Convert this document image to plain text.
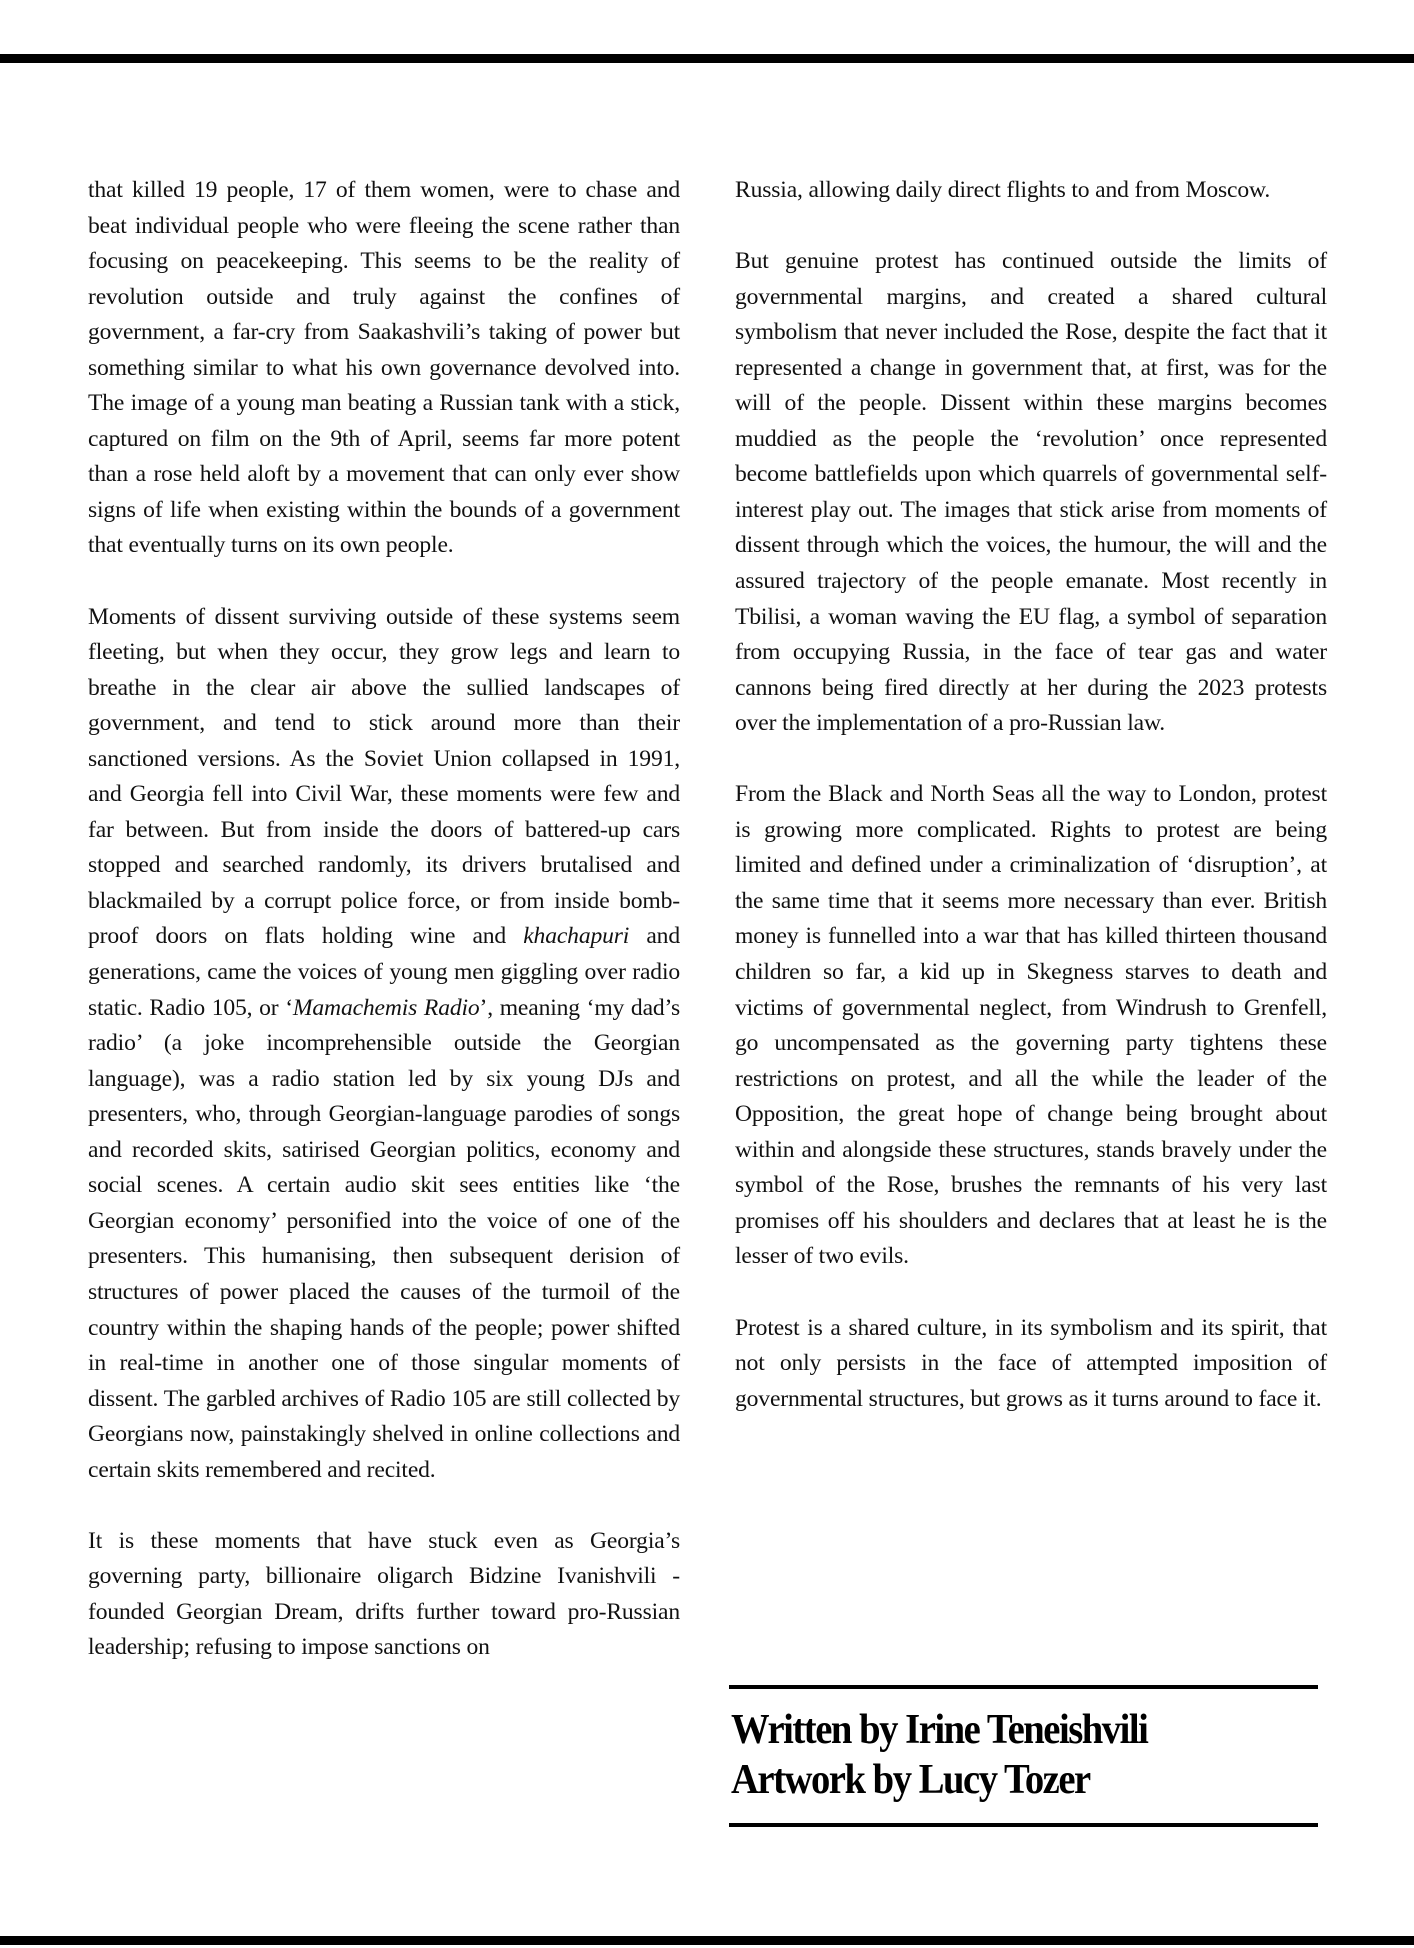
that killed 19 people, 17 of them women, were to chase and beat individual people who were fleeing the scene rather than focusing on peacekeeping. This seems to be the reality of revolution outside and truly against the confines of government, a far-cry from Saakashvili’s taking of power but something similar to what his own governance devolved into. The image of a young man beating a Russian tank with a stick, captured on film on the 9th of April, seems far more potent than a rose held aloft by a movement that can only ever show signs of life when existing within the bounds of a government that eventually turns on its own people.

Moments of dissent surviving outside of these systems seem fleeting, but when they occur, they grow legs and learn to breathe in the clear air above the sullied landscapes of government, and tend to stick around more than their sanctioned versions. As the Soviet Union collapsed in 1991, and Georgia fell into Civil War, these moments were few and far between. But from inside the doors of battered-up cars stopped and searched randomly, its drivers brutalised and blackmailed by a corrupt police force, or from inside bomb-proof doors on flats holding wine and khachapuri and generations, came the voices of young men giggling over radio static. Radio 105, or ‘Mamachemis Radio’, meaning ‘my dad’s radio’ (a joke incomprehensible outside the Georgian language), was a radio station led by six young DJs and presenters, who, through Georgian-language parodies of songs and recorded skits, satirised Georgian politics, economy and social scenes. A certain audio skit sees entities like ‘the Georgian economy’ personified into the voice of one of the presenters. This humanising, then subsequent derision of structures of power placed the causes of the turmoil of the country within the shaping hands of the people; power shifted in real-time in another one of those singular moments of dissent. The garbled archives of Radio 105 are still collected by Georgians now, painstakingly shelved in online collections and certain skits remembered and recited.

It is these moments that have stuck even as Georgia’s governing party, billionaire oligarch Bidzine Ivanishvili - founded Georgian Dream, drifts further toward pro-Russian leadership; refusing to impose sanctions on

Russia, allowing daily direct flights to and from Moscow.

But genuine protest has continued outside the limits of governmental margins, and created a shared cultural symbolism that never included the Rose, despite the fact that it represented a change in government that, at first, was for the will of the people. Dissent within these margins becomes muddied as the people the ‘revolution’ once represented become battlefields upon which quarrels of governmental self-interest play out. The images that stick arise from moments of dissent through which the voices, the humour, the will and the assured trajectory of the people emanate. Most recently in Tbilisi, a woman waving the EU flag, a symbol of separation from occupying Russia, in the face of tear gas and water cannons being fired directly at her during the 2023 protests over the implementation of a pro-Russian law.

From the Black and North Seas all the way to London, protest is growing more complicated. Rights to protest are being limited and defined under a criminalization of ‘disruption’, at the same time that it seems more necessary than ever. British money is funnelled into a war that has killed thirteen thousand children so far, a kid up in Skegness starves to death and victims of governmental neglect, from Windrush to Grenfell, go uncompensated as the governing party tightens these restrictions on protest, and all the while the leader of the Opposition, the great hope of change being brought about within and alongside these structures, stands bravely under the symbol of the Rose, brushes the remnants of his very last promises off his shoulders and declares that at least he is the lesser of two evils.

Protest is a shared culture, in its symbolism and its spirit, that not only persists in the face of attempted imposition of governmental structures, but grows as it turns around to face it.

Written by Irine Teneishvili
Artwork by Lucy Tozer
